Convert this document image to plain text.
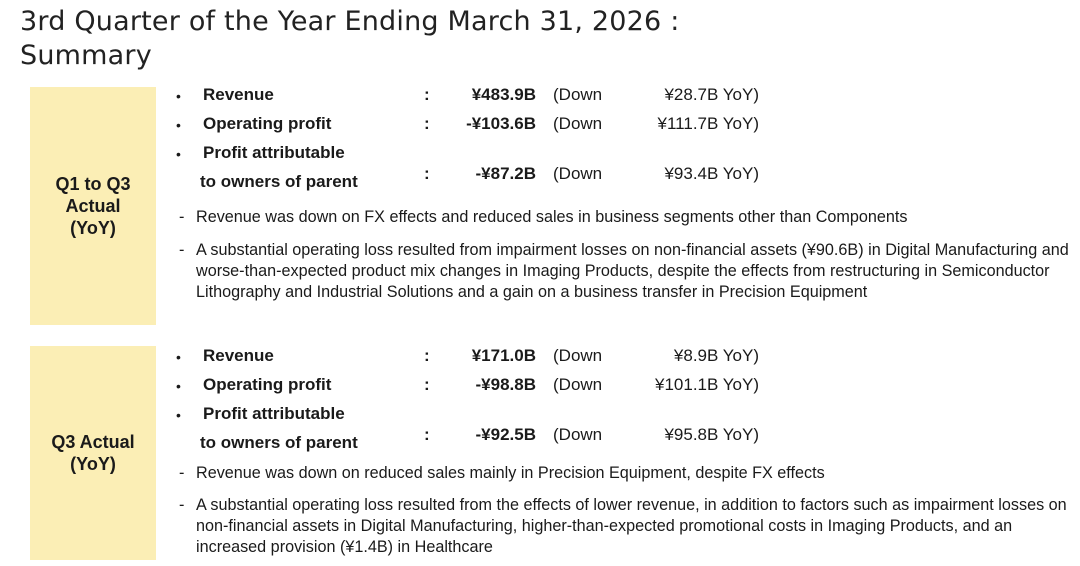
3rd Quarter of the Year Ending March 31, 2026 :
Summary
Q1 to Q3
Actual
(YoY)
• Revenue	:	¥483.9B (Down	¥28.7B YoY)
• Operating profit	:	-¥103.6B (Down	¥111.7B YoY)
• Profit attributable
to owners of parent	:	-¥87.2B (Down	¥93.4B YoY)
- Revenue was down on FX effects and reduced sales in business segments other than Components
- A substantial operating loss resulted from impairment losses on non-financial assets (¥90.6B) in Digital Manufacturing and worse-than-expected product mix changes in Imaging Products, despite the effects from restructuring in Semiconductor Lithography and Industrial Solutions and a gain on a business transfer in Precision Equipment
Q3 Actual
(YoY)
• Revenue	:	¥171.0B (Down	¥8.9B YoY)
• Operating profit	:	-¥98.8B (Down	¥101.1B YoY)
• Profit attributable
to owners of parent	:	-¥92.5B (Down	¥95.8B YoY)
- Revenue was down on reduced sales mainly in Precision Equipment, despite FX effects
- A substantial operating loss resulted from the effects of lower revenue, in addition to factors such as impairment losses on non-financial assets in Digital Manufacturing, higher-than-expected promotional costs in Imaging Products, and an increased provision (¥1.4B) in Healthcare
